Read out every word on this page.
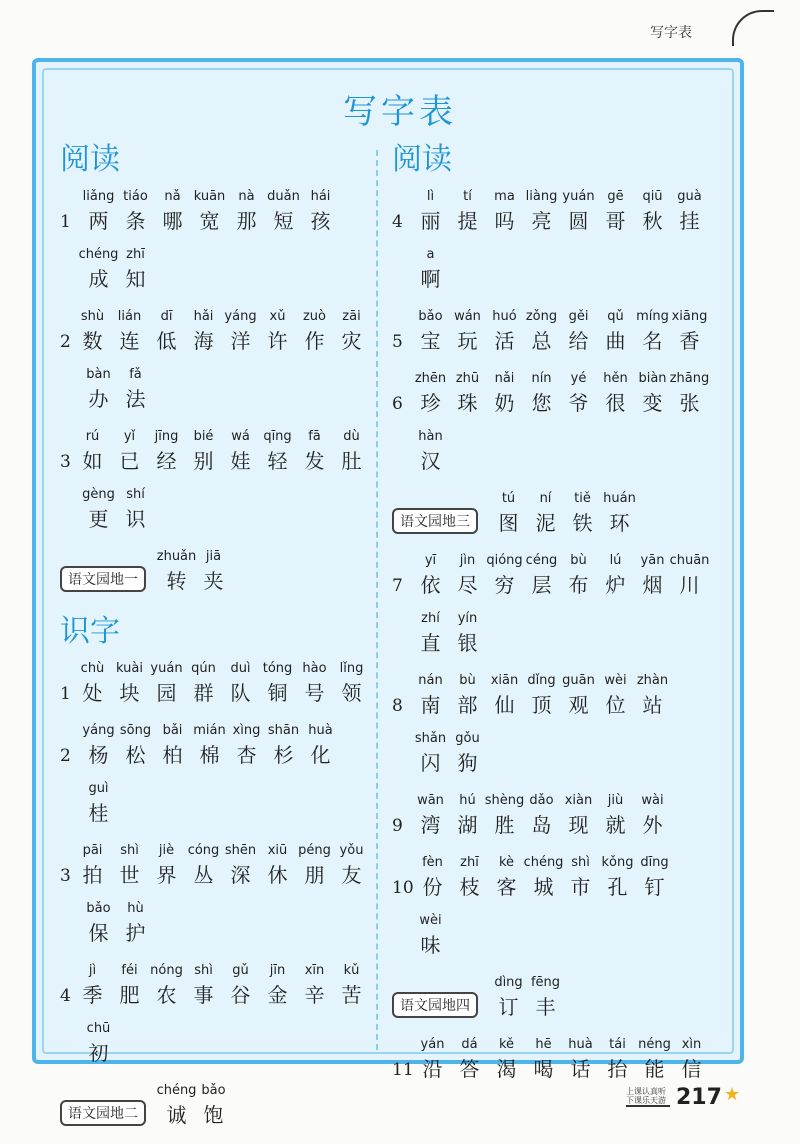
写字表
写字表
阅读
1
liǎng
两
tiáo
条
nǎ
哪
kuān
宽
nà
那
duǎn
短
hái
孩
chéng
成
zhī
知
2
shù
数
lián
连
dī
低
hǎi
海
yáng
洋
xǔ
许
zuò
作
zāi
灾
bàn
办
fǎ
法
3
rú
如
yǐ
已
jīng
经
bié
别
wá
娃
qīng
轻
fā
发
dù
肚
gèng
更
shí
识
语文园地一
zhuǎn
转
jiā
夹
识字
1
chù
处
kuài
块
yuán
园
qún
群
duì
队
tóng
铜
hào
号
lǐng
领
2
yáng
杨
sōng
松
bǎi
柏
mián
棉
xìng
杏
shān
杉
huà
化
guì
桂
3
pāi
拍
shì
世
jiè
界
cóng
丛
shēn
深
xiū
休
péng
朋
yǒu
友
bǎo
保
hù
护
4
jì
季
féi
肥
nóng
农
shì
事
gǔ
谷
jīn
金
xīn
辛
kǔ
苦
chū
初
语文园地二
chéng
诚
bǎo
饱
阅读
4
lì
丽
tí
提
ma
吗
liàng
亮
yuán
圆
gē
哥
qiū
秋
guà
挂
a
啊
5
bǎo
宝
wán
玩
huó
活
zǒng
总
gěi
给
qǔ
曲
míng
名
xiāng
香
6
zhēn
珍
zhū
珠
nǎi
奶
nín
您
yé
爷
hěn
很
biàn
变
zhāng
张
hàn
汉
语文园地三
tú
图
ní
泥
tiě
铁
huán
环
7
yī
依
jìn
尽
qióng
穷
céng
层
bù
布
lú
炉
yān
烟
chuān
川
zhí
直
yín
银
8
nán
南
bù
部
xiān
仙
dǐng
顶
guān
观
wèi
位
zhàn
站
shǎn
闪
gǒu
狗
9
wān
湾
hú
湖
shèng
胜
dǎo
岛
xiàn
现
jiù
就
wài
外
10
fèn
份
zhī
枝
kè
客
chéng
城
shì
市
kǒng
孔
dīng
钉
wèi
味
语文园地四
dìng
订
fēng
丰
11
yán
沿
dá
答
kě
渴
hē
喝
huà
话
tái
抬
néng
能
xìn
信
上课认真听 下课乐天游 217 ★
